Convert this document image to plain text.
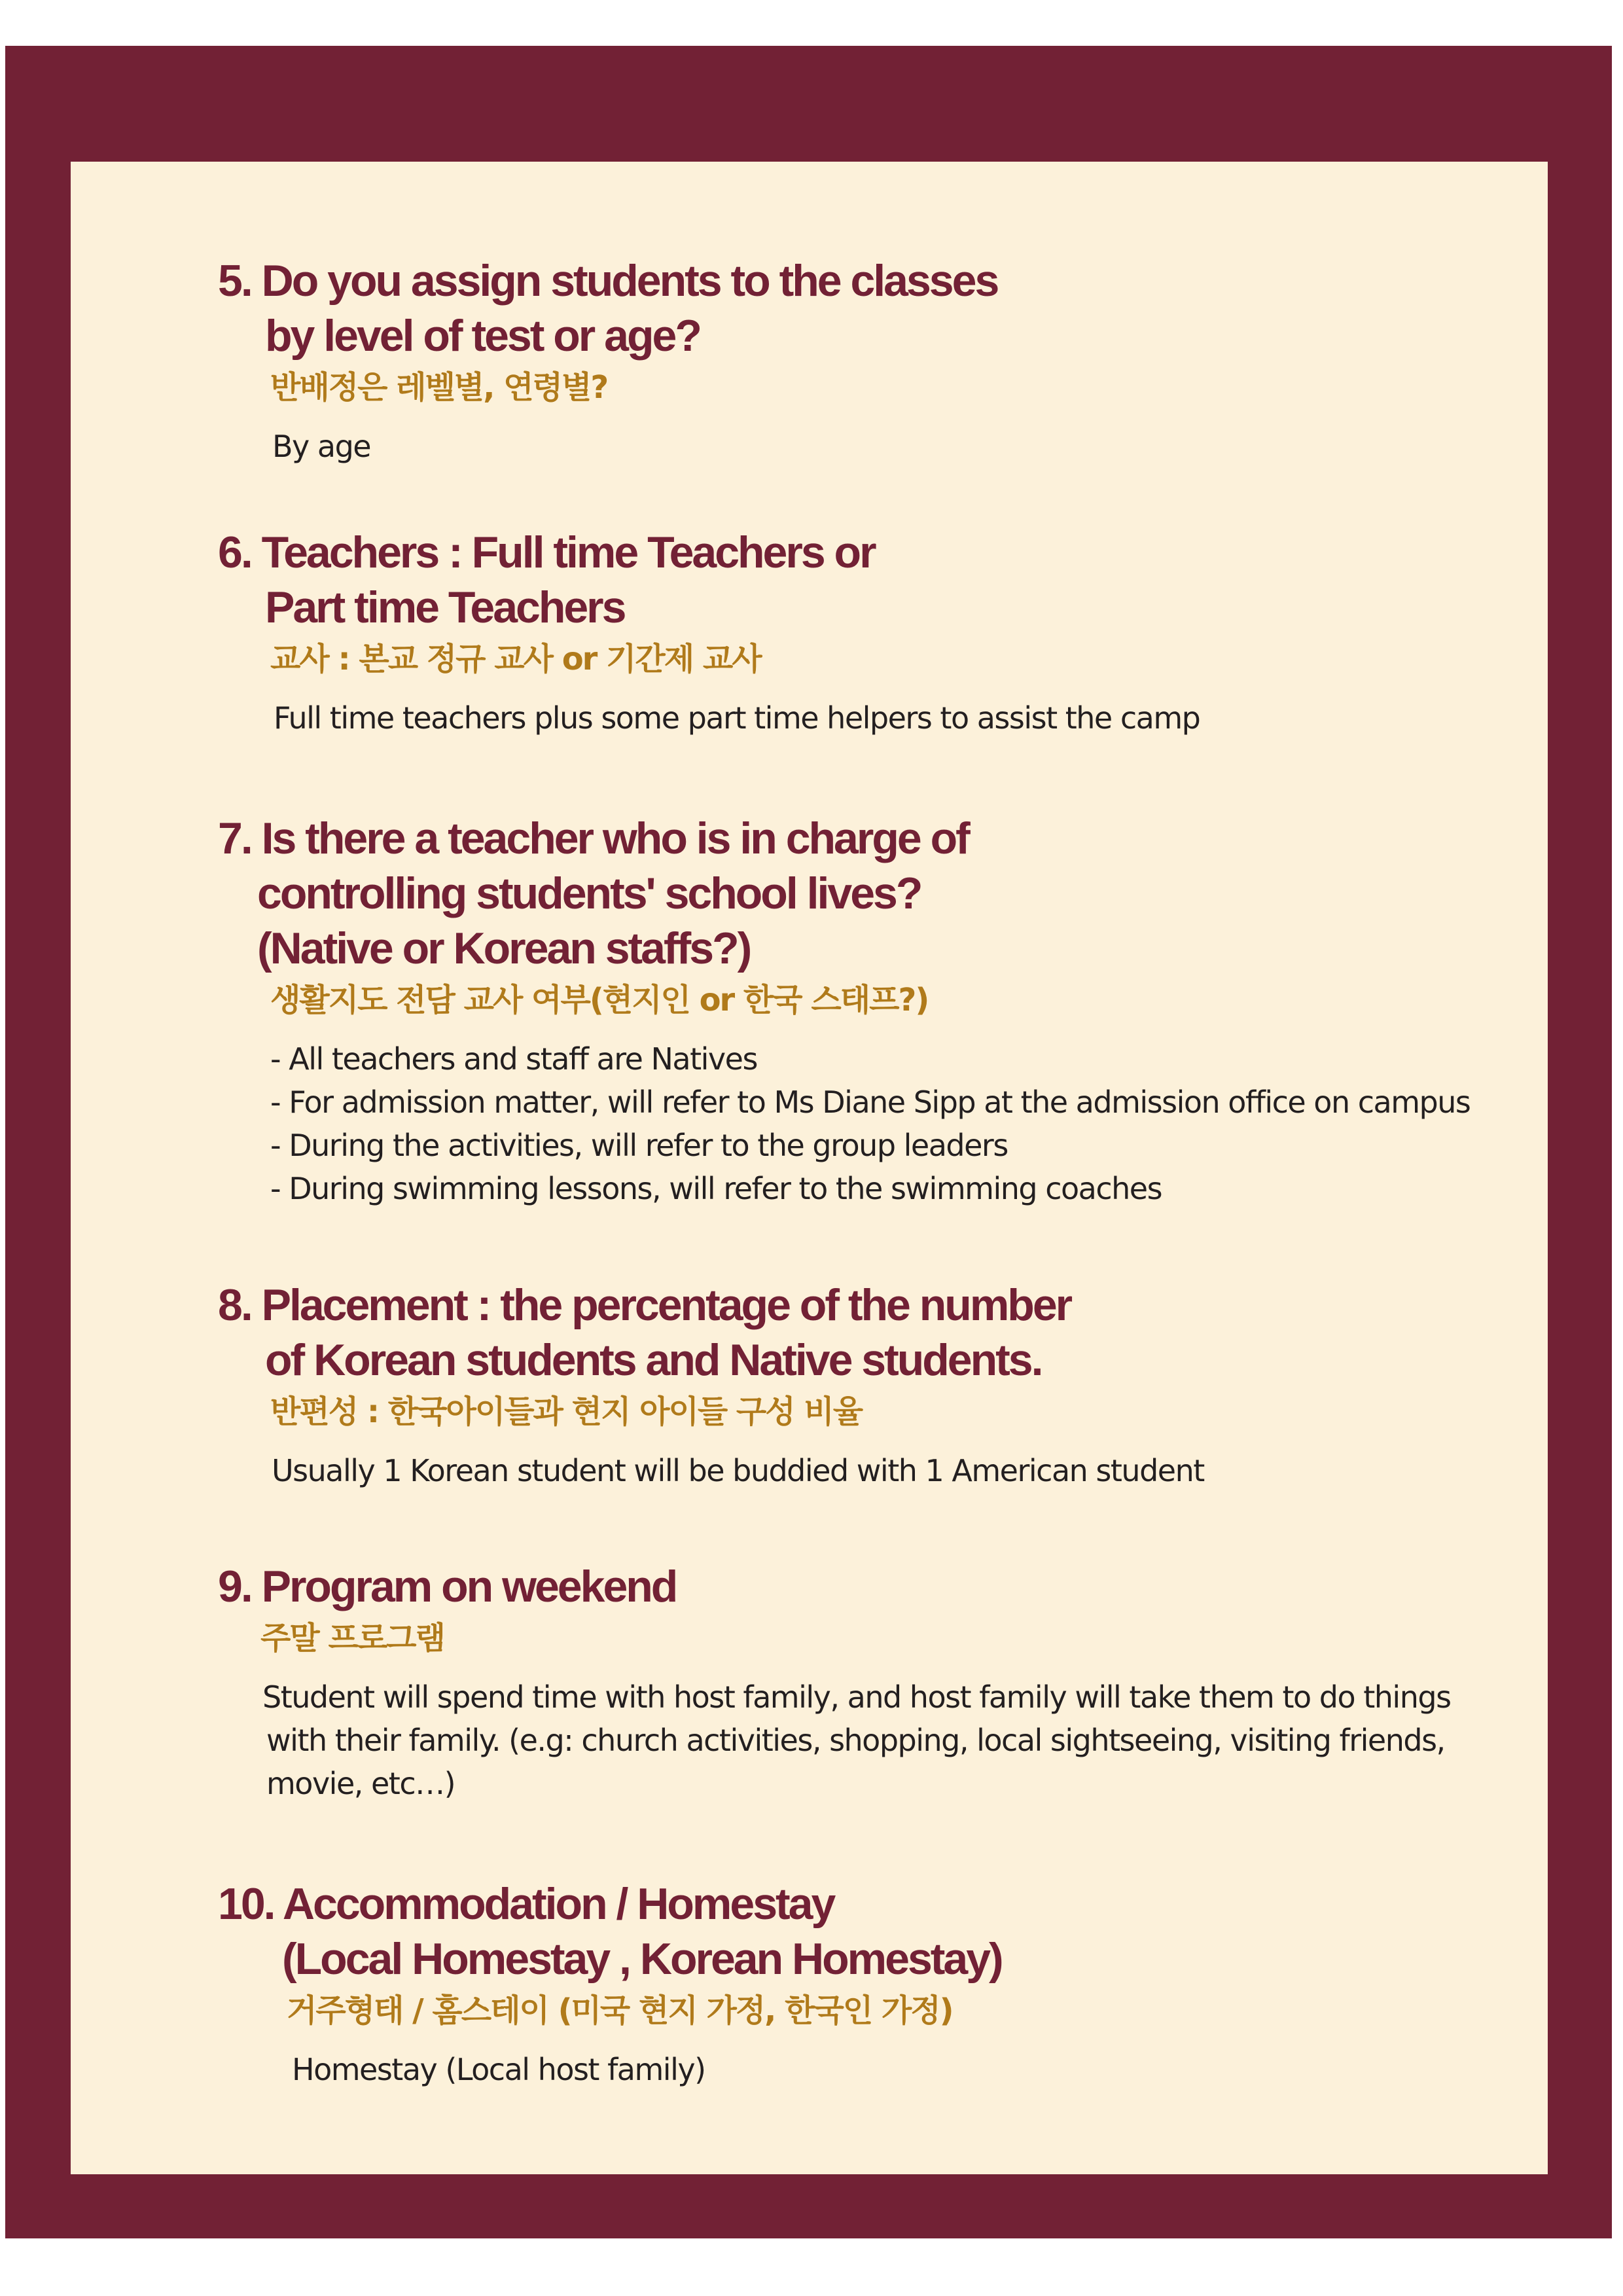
5. Do you assign students to the classes
by level of test or age?
반배정은 레벨별, 연령별?
By age
6. Teachers : Full time Teachers or
Part time Teachers
교사 : 본교 정규 교사 or 기간제 교사
Full time teachers plus some part time helpers to assist the camp
7. Is there a teacher who is in charge of
controlling students' school lives?
(Native or Korean staffs?)
생활지도 전담 교사 여부(현지인 or 한국 스태프?)
- All teachers and staff are Natives
- For admission matter, will refer to Ms Diane Sipp at the admission office on campus
- During the activities, will refer to the group leaders
- During swimming lessons, will refer to the swimming coaches
8. Placement : the percentage of the number
of Korean students and Native students.
반편성 : 한국아이들과 현지 아이들 구성 비율
Usually 1 Korean student will be buddied with 1 American student
9. Program on weekend
주말 프로그램
Student will spend time with host family, and host family will take them to do things
with their family. (e.g: church activities, shopping, local sightseeing, visiting friends,
movie, etc…)
10. Accommodation / Homestay
(Local Homestay , Korean Homestay)
거주형태 / 홈스테이 (미국 현지 가정, 한국인 가정)
Homestay (Local host family)
